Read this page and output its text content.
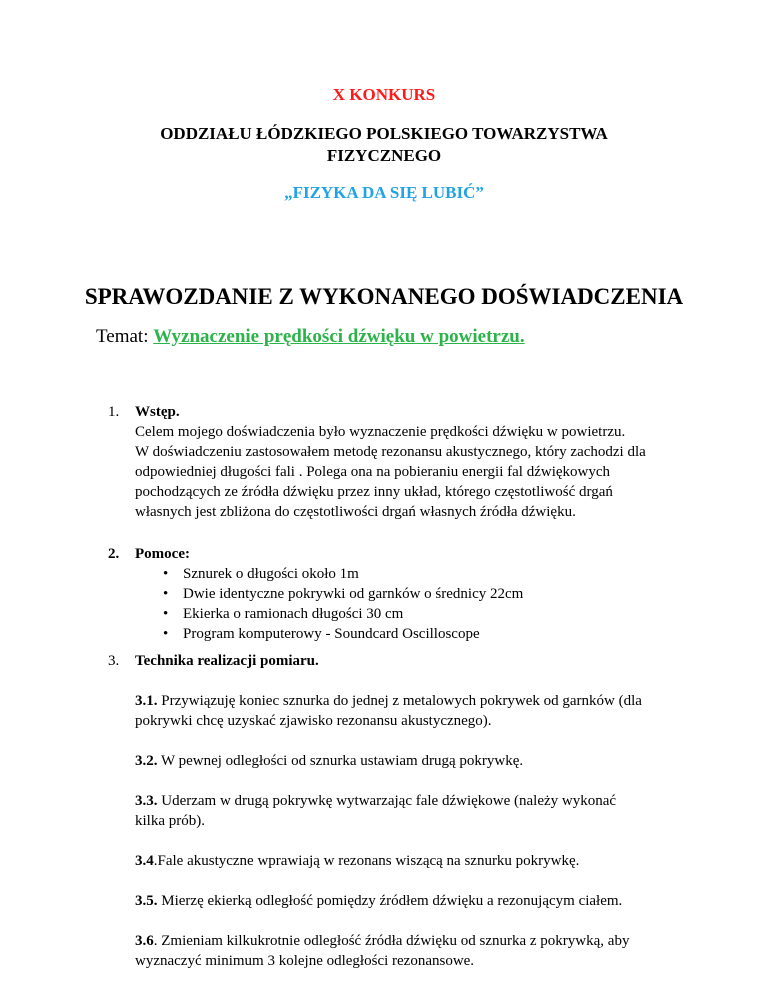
X KONKURS
ODDZIAŁU ŁÓDZKIEGO POLSKIEGO TOWARZYSTWA
FIZYCZNEGO
„FIZYKA DA SIĘ LUBIĆ”
SPRAWOZDANIE Z WYKONANEGO DOŚWIADCZENIA
Temat: Wyznaczenie prędkości dźwięku w powietrzu.
1. Wstęp.
Celem mojego doświadczenia było wyznaczenie prędkości dźwięku w powietrzu.
W doświadczeniu zastosowałem metodę rezonansu akustycznego, który zachodzi dla
odpowiedniej długości fali . Polega ona na pobieraniu energii fal dźwiękowych
pochodzących ze źródła dźwięku przez inny układ, którego częstotliwość drgań
własnych jest zbliżona do częstotliwości drgań własnych źródła dźwięku.
2. Pomoce:
• Sznurek o długości około 1m
• Dwie identyczne pokrywki od garnków o średnicy 22cm
• Ekierka o ramionach długości 30 cm
• Program komputerowy - Soundcard Oscilloscope
3. Technika realizacji pomiaru.
3.1. Przywiązuję koniec sznurka do jednej z metalowych pokrywek od garnków (dla
pokrywki chcę uzyskać zjawisko rezonansu akustycznego).
3.2. W pewnej odległości od sznurka ustawiam drugą pokrywkę.
3.3. Uderzam w drugą pokrywkę wytwarzając fale dźwiękowe (należy wykonać
kilka prób).
3.4.Fale akustyczne wprawiają w rezonans wiszącą na sznurku pokrywkę.
3.5. Mierzę ekierką odległość pomiędzy źródłem dźwięku a rezonującym ciałem.
3.6. Zmieniam kilkukrotnie odległość źródła dźwięku od sznurka z pokrywką, aby
wyznaczyć minimum 3 kolejne odległości rezonansowe.
